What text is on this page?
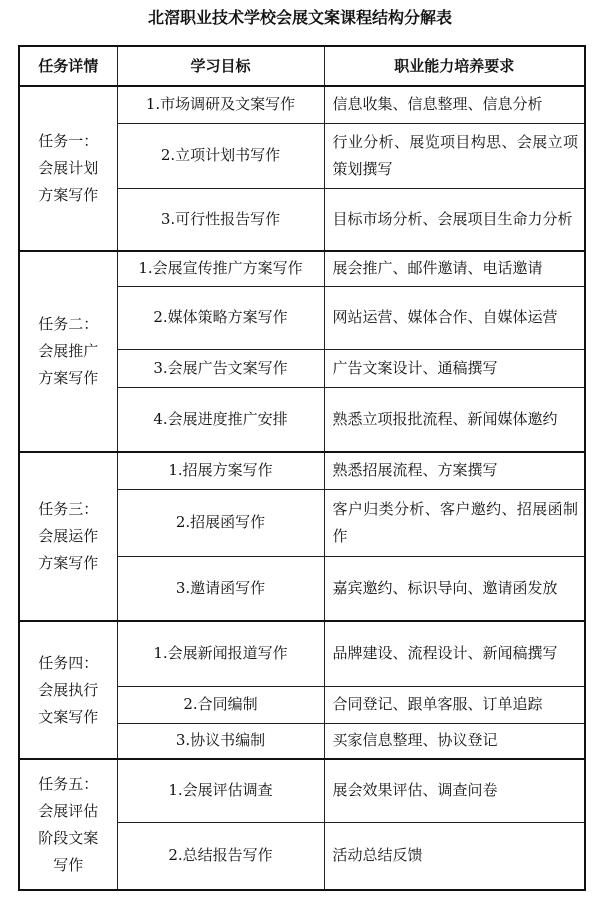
北滘职业技术学校会展文案课程结构分解表
任务详情	学习目标	职业能力培养要求

任务一：
会展计划
方案写作	1.市场调研及文案写作	信息收集、信息整理、信息分析
	2.立项计划书写作	行业分析、展览项目构思、会展立项策划撰写
	3.可行性报告写作	目标市场分析、会展项目生命力分析

任务二：
会展推广
方案写作	1.会展宣传推广方案写作	展会推广、邮件邀请、电话邀请
	2.媒体策略方案写作	网站运营、媒体合作、自媒体运营
	3.会展广告文案写作	广告文案设计、通稿撰写
	4.会展进度推广安排	熟悉立项报批流程、新闻媒体邀约

任务三：
会展运作
方案写作	1.招展方案写作	熟悉招展流程、方案撰写
	2.招展函写作	客户归类分析、客户邀约、招展函制作
	3.邀请函写作	嘉宾邀约、标识导向、邀请函发放

任务四：
会展执行
文案写作	1.会展新闻报道写作	品牌建设、流程设计、新闻稿撰写
	2.合同编制	合同登记、跟单客服、订单追踪
	3.协议书编制	买家信息整理、协议登记

任务五：
会展评估
阶段文案
写作	1.会展评估调查	展会效果评估、调查问卷
	2.总结报告写作	活动总结反馈
